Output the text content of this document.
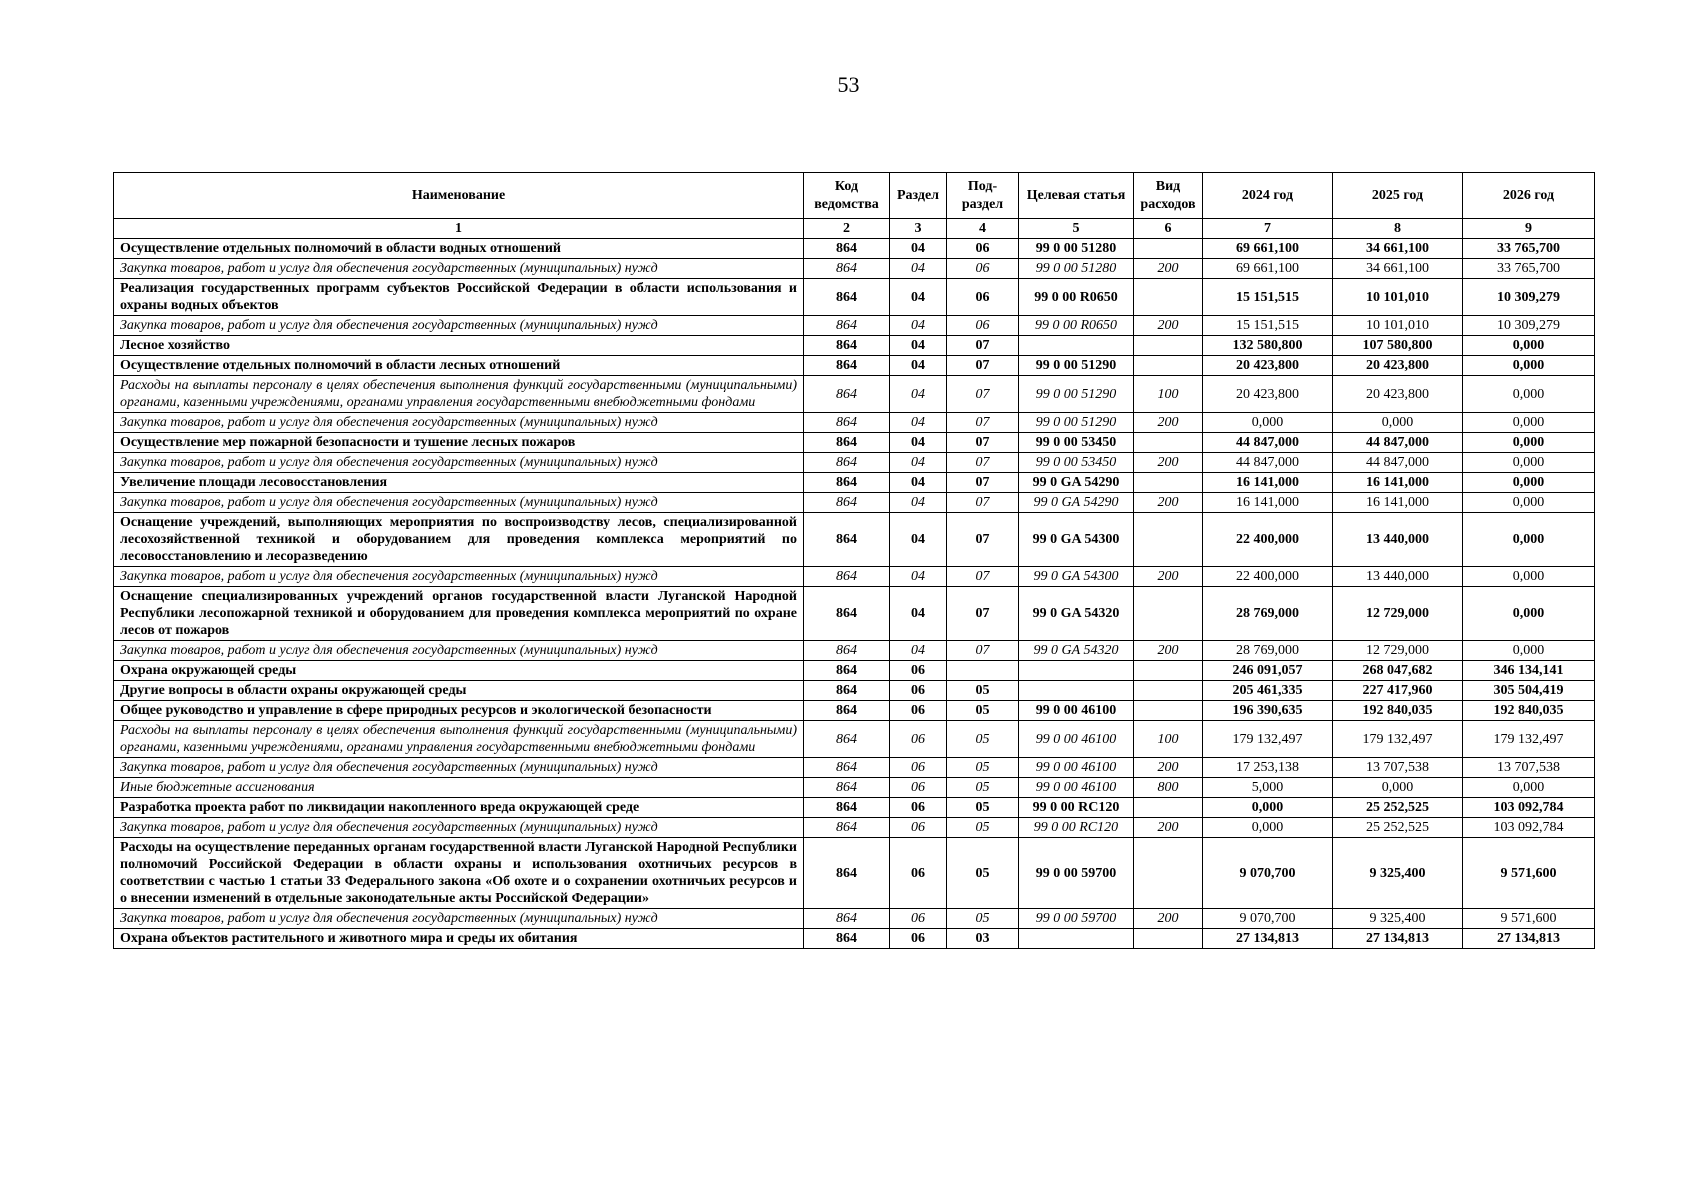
53
Наименование	Код ведомства	Раздел	Под-раздел	Целевая статья	Вид расходов	2024 год	2025 год	2026 год
1	2	3	4	5	6	7	8	9
Осуществление отдельных полномочий в области водных отношений	864	04	06	99 0 00 51280		69 661,100	34 661,100	33 765,700
Закупка товаров, работ и услуг для обеспечения государственных (муниципальных) нужд	864	04	06	99 0 00 51280	200	69 661,100	34 661,100	33 765,700
Реализация государственных программ субъектов Российской Федерации в области использования и охраны водных объектов	864	04	06	99 0 00 R0650		15 151,515	10 101,010	10 309,279
Закупка товаров, работ и услуг для обеспечения государственных (муниципальных) нужд	864	04	06	99 0 00 R0650	200	15 151,515	10 101,010	10 309,279
Лесное хозяйство	864	04	07			132 580,800	107 580,800	0,000
Осуществление отдельных полномочий в области лесных отношений	864	04	07	99 0 00 51290		20 423,800	20 423,800	0,000
Расходы на выплаты персоналу в целях обеспечения выполнения функций государственными (муниципальными) органами, казенными учреждениями, органами управления государственными внебюджетными фондами	864	04	07	99 0 00 51290	100	20 423,800	20 423,800	0,000
Закупка товаров, работ и услуг для обеспечения государственных (муниципальных) нужд	864	04	07	99 0 00 51290	200	0,000	0,000	0,000
Осуществление мер пожарной безопасности и тушение лесных пожаров	864	04	07	99 0 00 53450		44 847,000	44 847,000	0,000
Закупка товаров, работ и услуг для обеспечения государственных (муниципальных) нужд	864	04	07	99 0 00 53450	200	44 847,000	44 847,000	0,000
Увеличение площади лесовосстановления	864	04	07	99 0 GA 54290		16 141,000	16 141,000	0,000
Закупка товаров, работ и услуг для обеспечения государственных (муниципальных) нужд	864	04	07	99 0 GA 54290	200	16 141,000	16 141,000	0,000
Оснащение учреждений, выполняющих мероприятия по воспроизводству лесов, специализированной лесохозяйственной техникой и оборудованием для проведения комплекса мероприятий по лесовосстановлению и лесоразведению	864	04	07	99 0 GA 54300		22 400,000	13 440,000	0,000
Закупка товаров, работ и услуг для обеспечения государственных (муниципальных) нужд	864	04	07	99 0 GA 54300	200	22 400,000	13 440,000	0,000
Оснащение специализированных учреждений органов государственной власти Луганской Народной Республики лесопожарной техникой и оборудованием для проведения комплекса мероприятий по охране лесов от пожаров	864	04	07	99 0 GA 54320		28 769,000	12 729,000	0,000
Закупка товаров, работ и услуг для обеспечения государственных (муниципальных) нужд	864	04	07	99 0 GA 54320	200	28 769,000	12 729,000	0,000
Охрана окружающей среды	864	06				246 091,057	268 047,682	346 134,141
Другие вопросы в области охраны окружающей среды	864	06	05			205 461,335	227 417,960	305 504,419
Общее руководство и управление в сфере природных ресурсов и экологической безопасности	864	06	05	99 0 00 46100		196 390,635	192 840,035	192 840,035
Расходы на выплаты персоналу в целях обеспечения выполнения функций государственными (муниципальными) органами, казенными учреждениями, органами управления государственными внебюджетными фондами	864	06	05	99 0 00 46100	100	179 132,497	179 132,497	179 132,497
Закупка товаров, работ и услуг для обеспечения государственных (муниципальных) нужд	864	06	05	99 0 00 46100	200	17 253,138	13 707,538	13 707,538
Иные бюджетные ассигнования	864	06	05	99 0 00 46100	800	5,000	0,000	0,000
Разработка проекта работ по ликвидации накопленного вреда окружающей среде	864	06	05	99 0 00 RC120		0,000	25 252,525	103 092,784
Закупка товаров, работ и услуг для обеспечения государственных (муниципальных) нужд	864	06	05	99 0 00 RC120	200	0,000	25 252,525	103 092,784
Расходы на осуществление переданных органам государственной власти Луганской Народной Республики полномочий Российской Федерации в области охраны и использования охотничьих ресурсов в соответствии с частью 1 статьи 33 Федерального закона «Об охоте и о сохранении охотничьих ресурсов и о внесении изменений в отдельные законодательные акты Российской Федерации»	864	06	05	99 0 00 59700		9 070,700	9 325,400	9 571,600
Закупка товаров, работ и услуг для обеспечения государственных (муниципальных) нужд	864	06	05	99 0 00 59700	200	9 070,700	9 325,400	9 571,600
Охрана объектов растительного и животного мира и среды их обитания	864	06	03			27 134,813	27 134,813	27 134,813
